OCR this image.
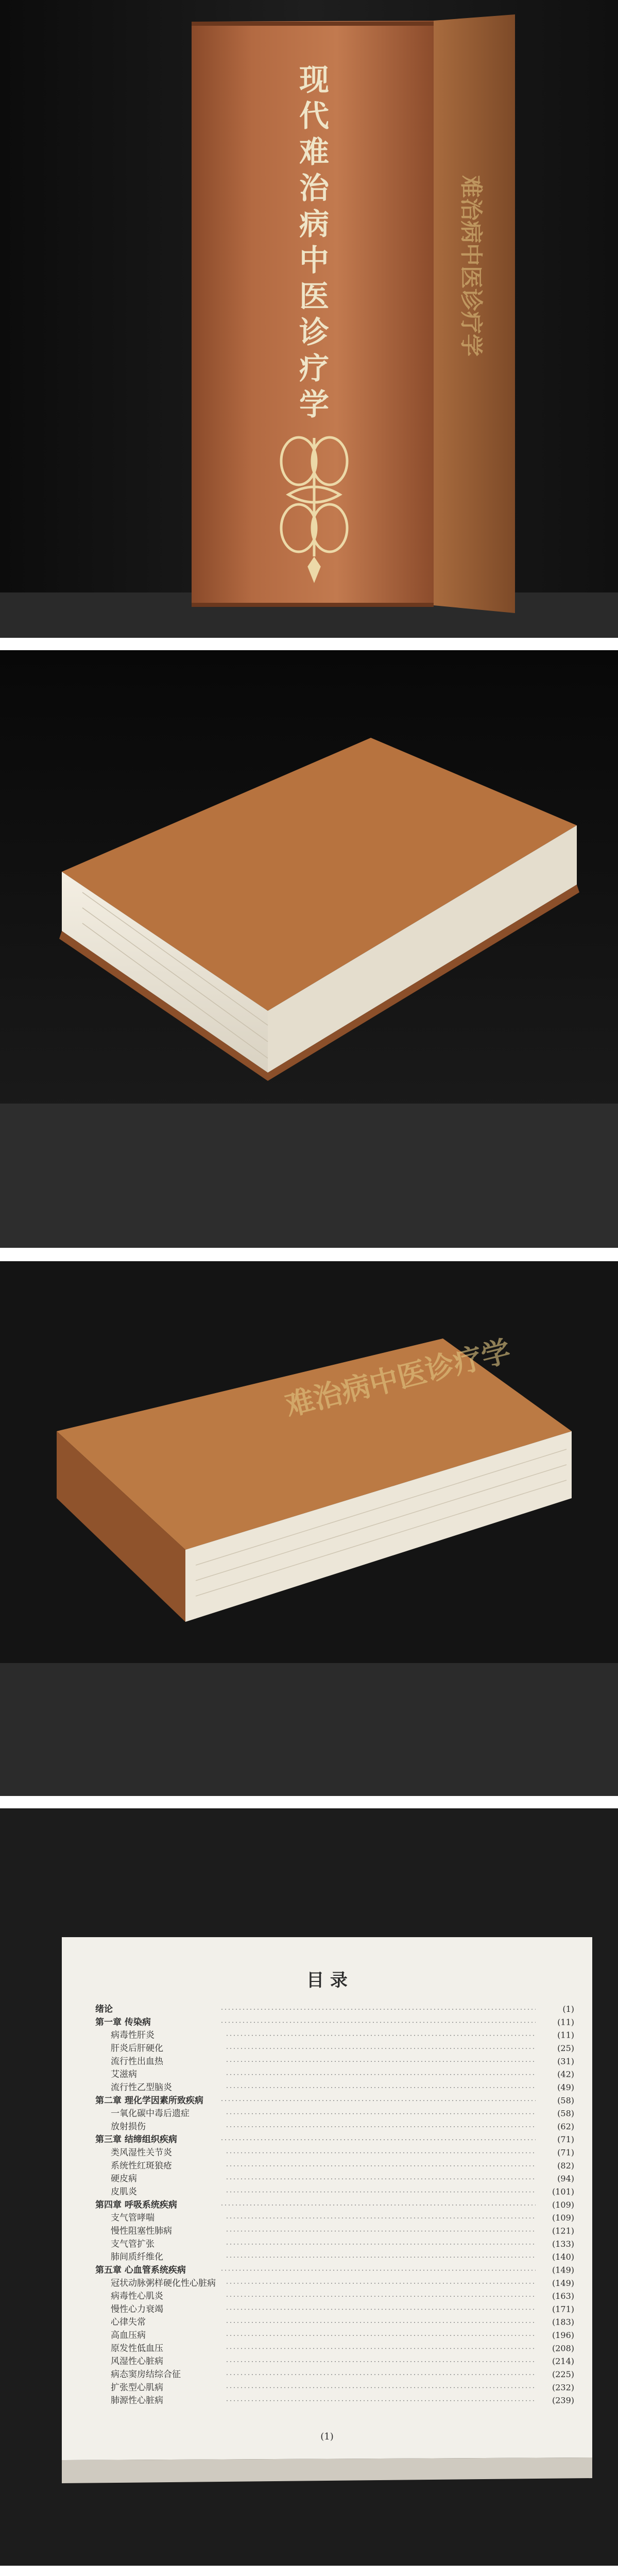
难治病中医诊疗学
现
代
难
治
病
中
医
诊
疗
学
难治病中医诊疗学
目 录
绪论	(1)
第一章 传染病	(11)
病毒性肝炎	(11)
肝炎后肝硬化	(25)
流行性出血热	(31)
艾滋病	(42)
流行性乙型脑炎	(49)
第二章 理化学因素所致疾病	(58)
一氧化碳中毒后遗症	(58)
放射损伤	(62)
第三章 结缔组织疾病	(71)
类风湿性关节炎	(71)
系统性红斑狼疮	(82)
硬皮病	(94)
皮肌炎	(101)
第四章 呼吸系统疾病	(109)
支气管哮喘	(109)
慢性阻塞性肺病	(121)
支气管扩张	(133)
肺间质纤维化	(140)
第五章 心血管系统疾病	(149)
冠状动脉粥样硬化性心脏病	(149)
病毒性心肌炎	(163)
慢性心力衰竭	(171)
心律失常	(183)
高血压病	(196)
原发性低血压	(208)
风湿性心脏病	(214)
病态窦房结综合征	(225)
扩张型心肌病	(232)
肺源性心脏病	(239)
(1)
